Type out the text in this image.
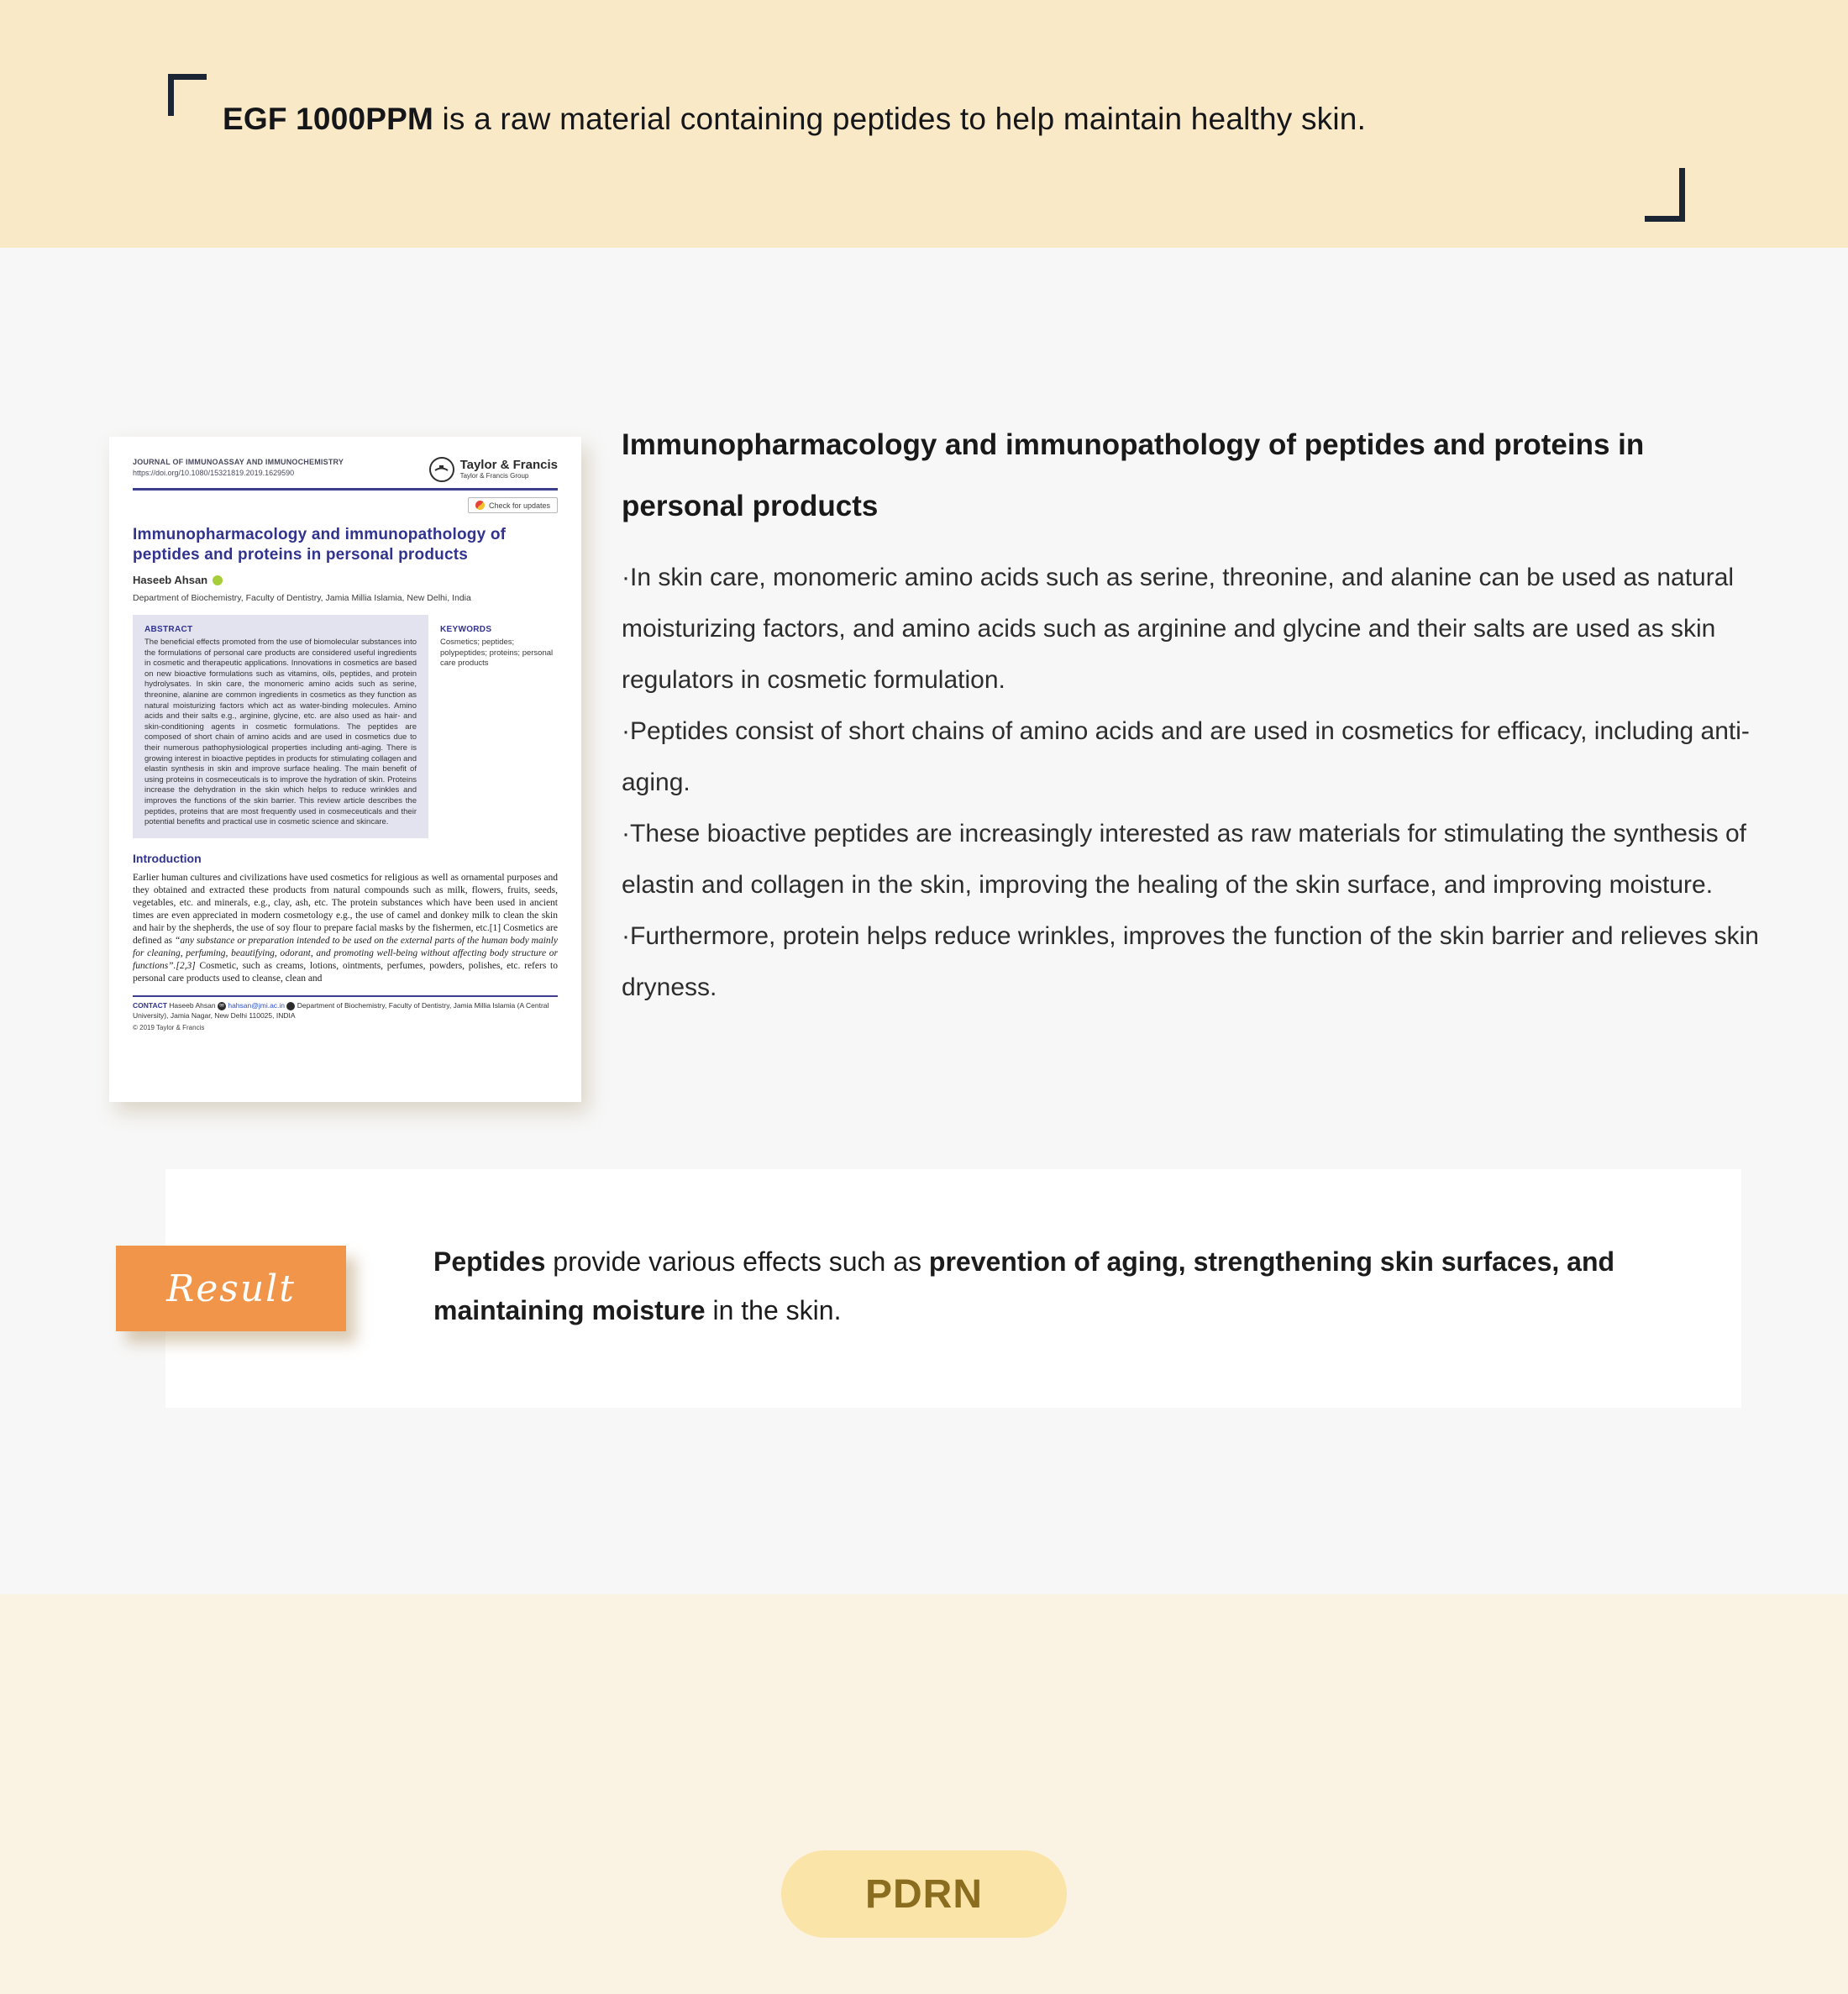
EGF 1000PPM is a raw material containing peptides to help maintain healthy skin.
JOURNAL OF IMMUNOASSAY AND IMMUNOCHEMISTRY
https://doi.org/10.1080/15321819.2019.1629590
Taylor & Francis
Taylor & Francis Group
Check for updates
Immunopharmacology and immunopathology of peptides and proteins in personal products
Haseeb Ahsan
Department of Biochemistry, Faculty of Dentistry, Jamia Millia Islamia, New Delhi, India
ABSTRACT
The beneficial effects promoted from the use of biomolecular substances into the formulations of personal care products are considered useful ingredients in cosmetic and therapeutic applications. Innovations in cosmetics are based on new bioactive formulations such as vitamins, oils, peptides, and protein hydrolysates. In skin care, the monomeric amino acids such as serine, threonine, alanine are common ingredients in cosmetics as they function as natural moisturizing factors which act as water-binding molecules. Amino acids and their salts e.g., arginine, glycine, etc. are also used as hair- and skin-conditioning agents in cosmetic formulations. The peptides are composed of short chain of amino acids and are used in cosmetics due to their numerous pathophysiological properties including anti-aging. There is growing interest in bioactive peptides in products for stimulating collagen and elastin synthesis in skin and improve surface healing. The main benefit of using proteins in cosmeceuticals is to improve the hydration of skin. Proteins increase the dehydration in the skin which helps to reduce wrinkles and improves the functions of the skin barrier. This review article describes the peptides, proteins that are most frequently used in cosmeceuticals and their potential benefits and practical use in cosmetic science and skincare.
KEYWORDS
Cosmetics; peptides; polypeptides; proteins; personal care products
Introduction
Earlier human cultures and civilizations have used cosmetics for religious as well as ornamental purposes and they obtained and extracted these products from natural compounds such as milk, flowers, fruits, seeds, vegetables, etc. and minerals, e.g., clay, ash, etc. The protein substances which have been used in ancient times are even appreciated in modern cosmetology e.g., the use of camel and donkey milk to clean the skin and hair by the shepherds, the use of soy flour to prepare facial masks by the fishermen, etc.[1] Cosmetics are defined as “any substance or preparation intended to be used on the external parts of the human body mainly for cleaning, perfuming, beautifying, odorant, and promoting well-being without affecting body structure or functions”.[2,3] Cosmetic, such as creams, lotions, ointments, perfumes, powders, polishes, etc. refers to personal care products used to cleanse, clean and
CONTACT Haseeb Ahsan ✉ hahsan@jmi.ac.in  Department of Biochemistry, Faculty of Dentistry, Jamia Millia Islamia (A Central University), Jamia Nagar, New Delhi 110025, INDIA
© 2019 Taylor & Francis
Immunopharmacology and immunopathology of peptides and proteins in personal products
·In skin care, monomeric amino acids such as serine, threonine, and alanine can be used as natural moisturizing factors, and amino acids such as arginine and glycine and their salts are used as skin regulators in cosmetic formulation.
·Peptides consist of short chains of amino acids and are used in cosmetics for efficacy, including anti-aging.
·These bioactive peptides are increasingly interested as raw materials for stimulating the synthesis of elastin and collagen in the skin, improving the healing of the skin surface, and improving moisture.
·Furthermore, protein helps reduce wrinkles, improves the function of the skin barrier and relieves skin dryness.
Result
Peptides provide various effects such as prevention of aging, strengthening skin surfaces, and maintaining moisture in the skin.
PDRN
